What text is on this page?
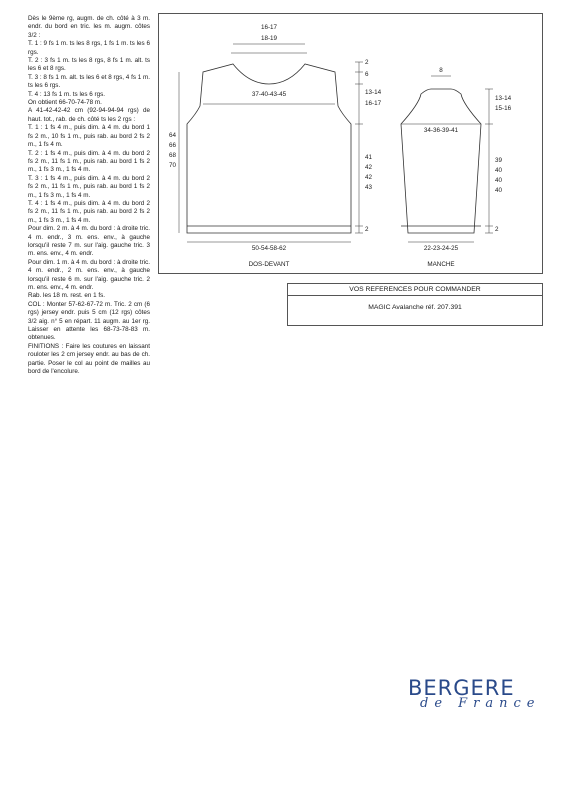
Dès le 9ème rg, augm. de ch. côté à 3 m. endr. du bord en tric. les m. augm. côtes 3/2 :

T. 1 : 9 fs 1 m. ts les 8 rgs, 1 fs 1 m. ts les 6 rgs.

T. 2 : 3 fs 1 m. ts les 8 rgs, 8 fs 1 m. alt. ts les 6 et 8 rgs.

T. 3 : 8 fs 1 m. alt. ts les 6 et 8 rgs, 4 fs 1 m. ts les 6 rgs.

T. 4 : 13 fs 1 m. ts les 6 rgs.

On obtient 66-70-74-78 m.

A 41-42-42-42 cm (92-94-94-94 rgs) de haut. tot., rab. de ch. côté ts les 2 rgs :

T. 1 : 1 fs 4 m., puis dim. à 4 m. du bord 1 fs 2 m., 10 fs 1 m., puis rab. au bord 2 fs 2 m., 1 fs 4 m.

T. 2 : 1 fs 4 m., puis dim. à 4 m. du bord 2 fs 2 m., 11 fs 1 m., puis rab. au bord 1 fs 2 m., 1 fs 3 m., 1 fs 4 m.

T. 3 : 1 fs 4 m., puis dim. à 4 m. du bord 2 fs 2 m., 11 fs 1 m., puis rab. au bord 1 fs 2 m., 1 fs 3 m., 1 fs 4 m.

T. 4 : 1 fs 4 m., puis dim. à 4 m. du bord 2 fs 2 m., 11 fs 1 m., puis rab. au bord 2 fs 2 m., 1 fs 3 m., 1 fs 4 m.

Pour dim. 2 m. à 4 m. du bord : à droite tric. 4 m. endr., 3 m. ens. env., à gauche lorsqu'il reste 7 m. sur l'aig. gauche tric. 3 m. ens. env., 4 m. endr.

Pour dim. 1 m. à 4 m. du bord : à droite tric. 4 m. endr., 2 m. ens. env., à gauche lorsqu'il reste 6 m. sur l'aig. gauche tric. 2 m. ens. env., 4 m. endr.

Rab. les 18 m. rest. en 1 fs.

COL : Monter 57-62-67-72 m. Tric. 2 cm (6 rgs) jersey endr. puis 5 cm (12 rgs) côtes 3/2 aig. n° 5 en répart. 11 augm. au 1er rg. Laisser en attente les 68-73-78-83 m. obtenues.

FINITIONS : Faire les coutures en laissant rouloter les 2 cm jersey endr. au bas de ch. partie. Poser le col au point de mailles au bord de l'encolure.

16-17
18-19
37-40-43-45
2
6
13-14
16-17
41
42
42
43
2
64
66
68
70
50-54-58-62
DOS-DEVANT
8
13-14
15-16
34-36-39-41
39
40
40
40
2
22-23-24-25
MANCHE
VOS REFERENCES POUR COMMANDER
MAGIC Avalanche réf. 207.391
BERGERE
de France
